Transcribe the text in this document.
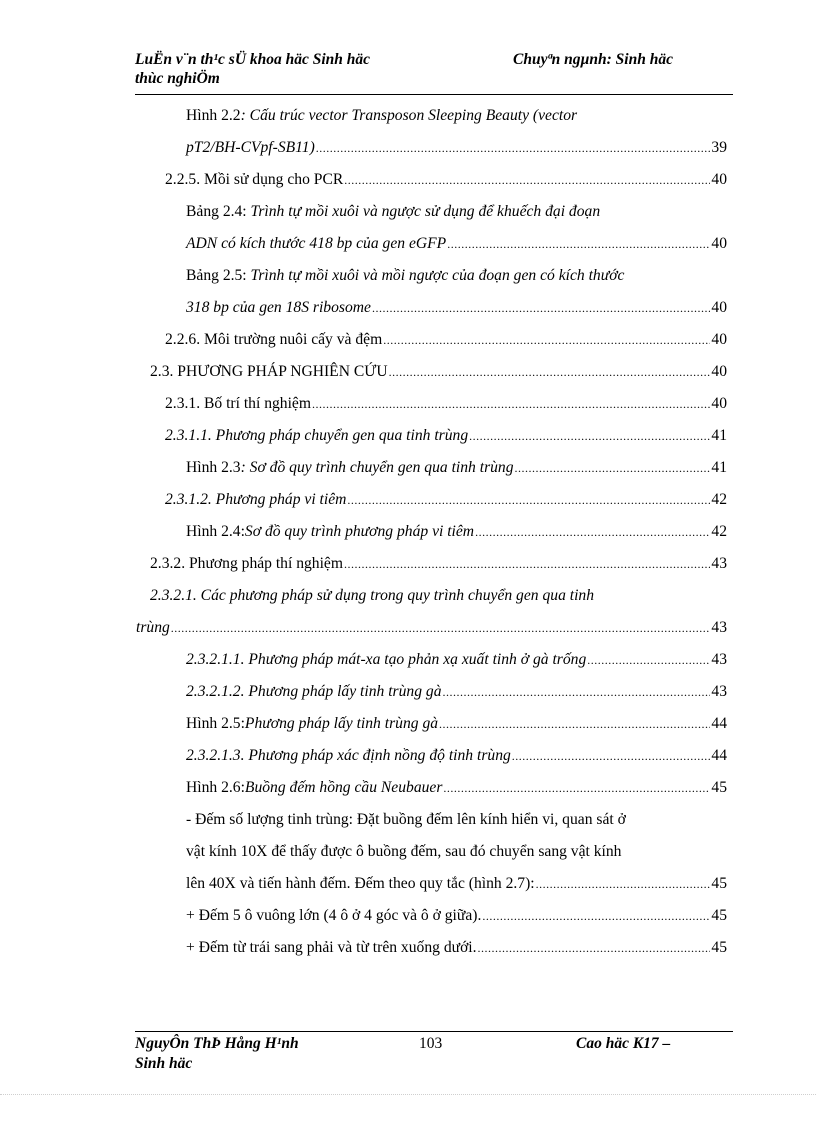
LuËn v¨n th¹c sÜ khoa häc Sinh häc
thùc nghiÖm
Chuyªn ngµnh: Sinh häc
Hình 2.2: Cấu trúc vector Transposon Sleeping Beauty (vector
pT2/BH-CVpf-SB11) .....	39
2.2.5. Mồi sử dụng cho PCR .....	40
Bảng 2.4: Trình tự mồi xuôi và ngược sử dụng để khuếch đại đoạn
ADN có kích thước 418 bp của gen eGFP .....	40
Bảng 2.5: Trình tự mồi xuôi và mồi ngược của đoạn gen có kích thước
318 bp của gen 18S ribosome .....	40
2.2.6. Môi trường nuôi cấy và đệm .....	40
2.3. PHƯƠNG PHÁP NGHIÊN CỨU .....	40
2.3.1. Bố trí thí nghiệm .....	40
2.3.1.1. Phương pháp chuyển gen qua tinh trùng .....	41
Hình 2.3 : Sơ đồ quy trình chuyển gen qua tinh trùng .....	41
2.3.1.2. Phương pháp vi tiêm .....	42
Hình 2.4: Sơ đồ quy trình phương pháp vi tiêm .....	42
2.3.2. Phương pháp thí nghiệm .....	43
2.3.2.1. Các phương pháp sử dụng trong quy trình chuyển gen qua tinh
trùng .....	43
2.3.2.1.1. Phương pháp mát-xa tạo phản xạ xuất tinh ở gà trống .....	43
2.3.2.1.2. Phương pháp lấy tinh trùng gà .....	43
Hình 2.5: Phương pháp lấy tinh trùng gà .....	44
2.3.2.1.3. Phương pháp xác định nồng độ tinh trùng .....	44
Hình 2.6: Buồng đếm hồng cầu Neubauer .....	45
- Đếm số lượng tinh trùng: Đặt buồng đếm lên kính hiển vi, quan sát ở
vật kính 10X để thấy được ô buồng đếm, sau đó chuyển sang vật kính
lên 40X và tiến hành đếm. Đếm theo quy tắc (hình 2.7): .....	45
+ Đếm 5 ô vuông lớn (4 ô ở 4 góc và ô ở giữa). .....	45
+ Đếm từ trái sang phải và từ trên xuống dưới. .....	45
NguyÔn ThÞ Hång H¹nh
Sinh häc
103	Cao häc K17 –
